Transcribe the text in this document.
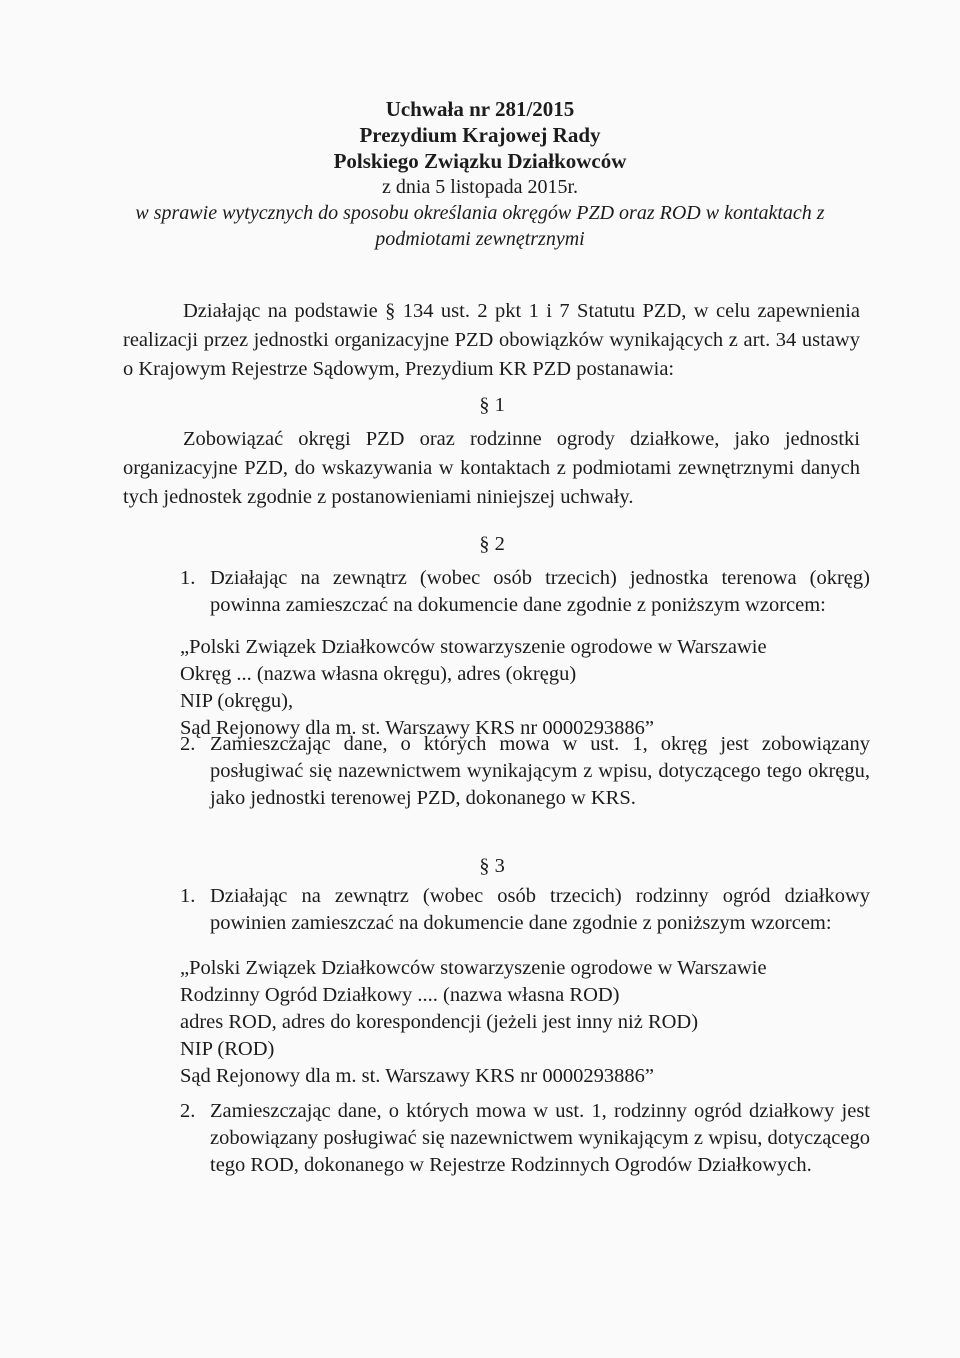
Uchwała nr 281/2015

Prezydium Krajowej Rady

Polskiego Związku Działkowców

z dnia 5 listopada 2015r.

w sprawie wytycznych do sposobu określania okręgów PZD oraz ROD w kontaktach z

podmiotami zewnętrznymi

Działając na podstawie § 134 ust. 2 pkt 1 i 7 Statutu PZD, w celu zapewnienia realizacji przez jednostki organizacyjne PZD obowiązków wynikających z art. 34 ustawy o Krajowym Rejestrze Sądowym, Prezydium KR PZD postanawia:

§ 1

Zobowiązać okręgi PZD oraz rodzinne ogrody działkowe, jako jednostki organizacyjne PZD, do wskazywania w kontaktach z podmiotami zewnętrznymi danych tych jednostek zgodnie z postanowieniami niniejszej uchwały.

§ 2
1. Działając na zewnątrz (wobec osób trzecich) jednostka terenowa (okręg) powinna zamieszczać na dokumencie dane zgodnie z poniższym wzorcem:
„Polski Związek Działkowców stowarzyszenie ogrodowe w Warszawie
Okręg ... (nazwa własna okręgu), adres (okręgu)
NIP (okręgu),
Sąd Rejonowy dla m. st. Warszawy KRS nr 0000293886”
2. Zamieszczając dane, o których mowa w ust. 1, okręg jest zobowiązany posługiwać się nazewnictwem wynikającym z wpisu, dotyczącego tego okręgu, jako jednostki terenowej PZD, dokonanego w KRS.
§ 3
1. Działając na zewnątrz (wobec osób trzecich) rodzinny ogród działkowy powinien zamieszczać na dokumencie dane zgodnie z poniższym wzorcem:
„Polski Związek Działkowców stowarzyszenie ogrodowe w Warszawie
Rodzinny Ogród Działkowy .... (nazwa własna ROD)
adres ROD, adres do korespondencji (jeżeli jest inny niż ROD)
NIP (ROD)
Sąd Rejonowy dla m. st. Warszawy KRS nr 0000293886”
2. Zamieszczając dane, o których mowa w ust. 1, rodzinny ogród działkowy jest zobowiązany posługiwać się nazewnictwem wynikającym z wpisu, dotyczącego tego ROD, dokonanego w Rejestrze Rodzinnych Ogrodów Działkowych.
